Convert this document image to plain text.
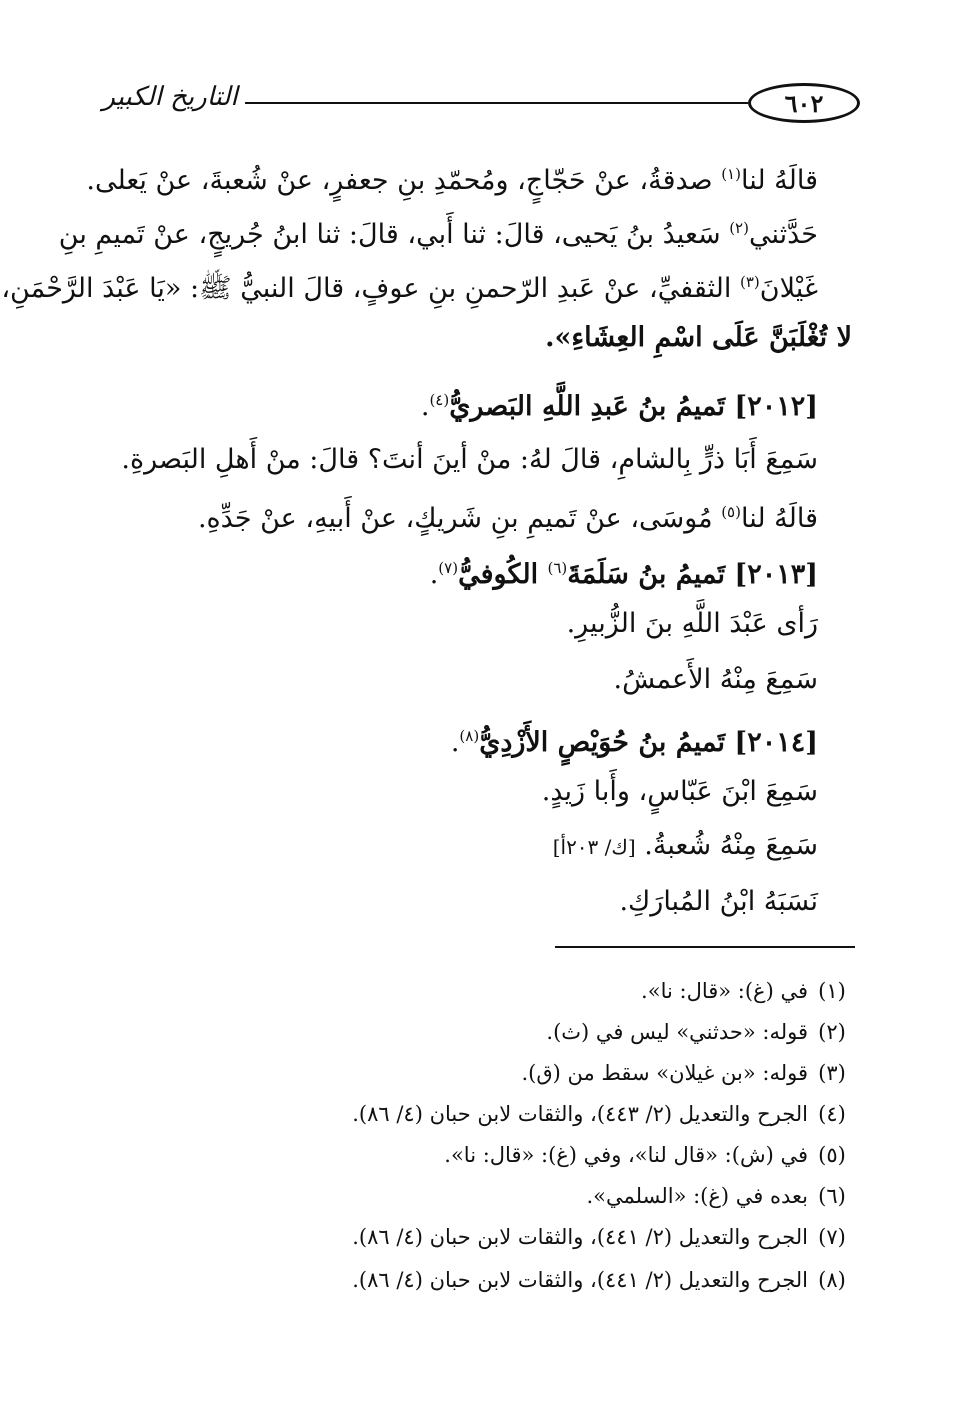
التاريخ الكبير	٦٠٢
قالَهُ لنا$^{(١)}$ صدقةُ، عنْ حَجّاجٍ، ومُحمّدِ بنِ جعفرٍ، عنْ شُعبةَ، عنْ يَعلى.
حَدَّثني$^{(٢)}$ سَعيدُ بنُ يَحيى، قالَ: ثنا أَبي، قالَ: ثنا ابنُ جُريجٍ، عنْ تَميمِ بنِ
غَيْلانَ$^{(٣)}$ الثقفيِّ، عنْ عَبدِ الرّحمنِ بنِ عوفٍ، قالَ النبيُّ ﷺ: «يَا عَبْدَ الرَّحْمَنِ،
لا تُغْلَبَنَّ عَلَى اسْمِ العِشَاءِ».
[٢٠١٢] تَميمُ بنُ عَبدِ اللَّهِ البَصريُّ$^{(٤)}$.
سَمِعَ أَبَا ذرٍّ بِالشامِ، قالَ لهُ: منْ أينَ أنتَ؟ قالَ: منْ أَهلِ البَصرةِ.
قالَهُ لنا$^{(٥)}$ مُوسَى، عنْ تَميمِ بنِ شَريكٍ، عنْ أَبيهِ، عنْ جَدِّهِ.
[٢٠١٣] تَميمُ بنُ سَلَمَةَ$^{(٦)}$ الكُوفيُّ$^{(٧)}$.
رَأى عَبْدَ اللَّهِ بنَ الزُّبيرِ.
سَمِعَ مِنْهُ الأَعمشُ.
[٢٠١٤] تَميمُ بنُ حُوَيْصٍ الأَزْدِيُّ$^{(٨)}$.
سَمِعَ ابْنَ عَبّاسٍ، وأَبا زَيدٍ.
سَمِعَ مِنْهُ شُعبةُ. [ك/ ٢٠٣أ]
نَسَبَهُ ابْنُ المُبارَكِ.
(١)في (غ): «قال: نا».
(٢)قوله: «حدثني» ليس في (ث).
(٣)قوله: «بن غيلان» سقط من (ق).
(٤)الجرح والتعديل (٢/ ٤٤٣)، والثقات لابن حبان (٤/ ٨٦).
(٥)في (ش): «قال لنا»، وفي (غ): «قال: نا».
(٦)بعده في (غ): «السلمي».
(٧)الجرح والتعديل (٢/ ٤٤١)، والثقات لابن حبان (٤/ ٨٦).
(٨)الجرح والتعديل (٢/ ٤٤١)، والثقات لابن حبان (٤/ ٨٦).
